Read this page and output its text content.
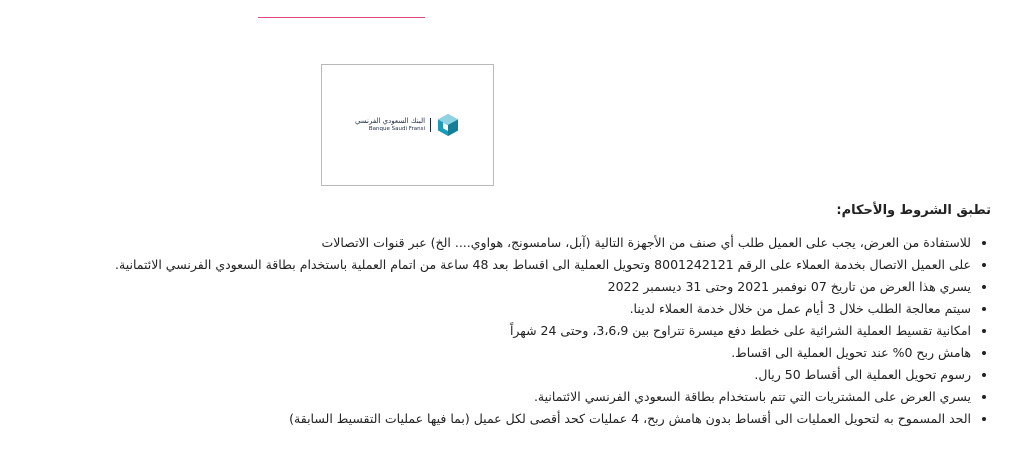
البنك السعودي الفرنسي
Banque Saudi Fransi
تطبق الشروط والأحكام:
• للاستفادة من العرض، يجب على العميل طلب أي صنف من الأجهزة التالية (آبل، سامسونج، هواوي.... الخ) عبر قنوات الاتصالات
• على العميل الاتصال بخدمة العملاء على الرقم 8001242121 وتحويل العملية الى اقساط بعد 48 ساعة من اتمام العملية باستخدام بطاقة السعودي الفرنسي الائتمانية.
• يسري هذا العرض من تاريخ 07 نوفمبر 2021 وحتى 31 ديسمبر 2022
• سيتم معالجة الطلب خلال 3 أيام عمل من خلال خدمة العملاء لدينا.
• امكانية تقسيط العملية الشرائية على خطط دفع ميسرة تتراوح بين 3،6،9، وحتى 24 شهراً
• هامش ربح 0% عند تحويل العملية الى اقساط.
• رسوم تحويل العملية الى أقساط 50 ريال.
• يسري العرض على المشتريات التي تتم باستخدام بطاقة السعودي الفرنسي الائتمانية.
• الحد المسموح به لتحويل العمليات الى أقساط بدون هامش ربح، 4 عمليات كحد أقصى لكل عميل (بما فيها عمليات التقسيط السابقة)
